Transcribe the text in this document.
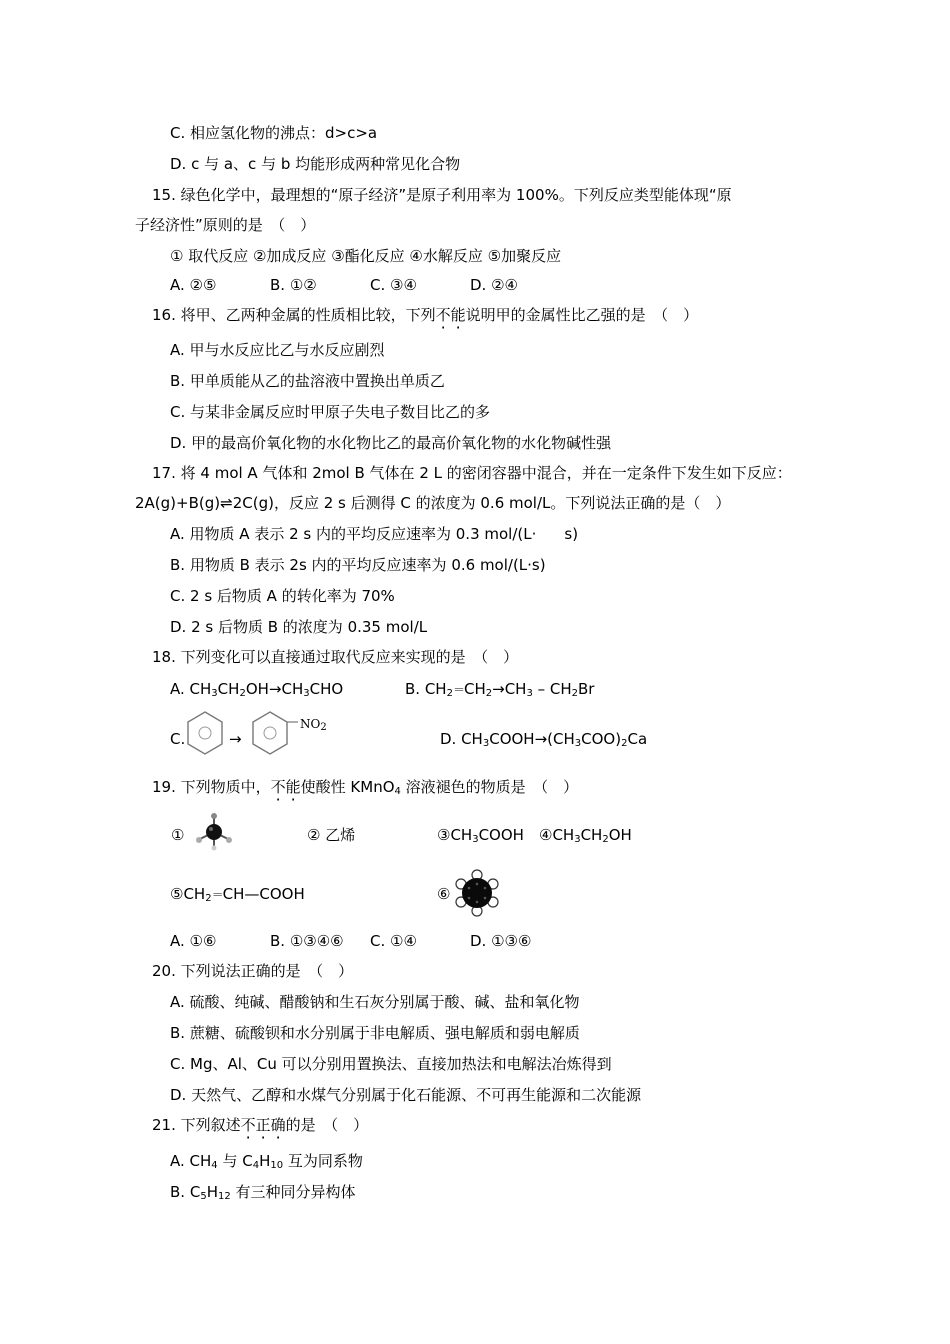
C. 相应氢化物的沸点：d>c>a
D. c 与 a、c 与 b 均能形成两种常见化合物
15. 绿色化学中，最理想的“原子经济”是原子利用率为 100%。下列反应类型能体现“原
子经济性”原则的是　（　）
① 取代反应 ②加成反应 ③酯化反应 ④水解反应 ⑤加聚反应
A. ②⑤	B. ①②	C. ③④	D. ②④
16. 将甲、乙两种金属的性质相比较，下列不能说明甲的金属性比乙强的是　（　）
A. 甲与水反应比乙与水反应剧烈
B. 甲单质能从乙的盐溶液中置换出单质乙
C. 与某非金属反应时甲原子失电子数目比乙的多
D. 甲的最高价氧化物的水化物比乙的最高价氧化物的水化物碱性强
17. 将 4 mol A 气体和 2mol B 气体在 2 L 的密闭容器中混合，并在一定条件下发生如下反应：
2A(g)+B(g)⇌2C(g)，反应 2 s 后测得 C 的浓度为 0.6 mol/L。下列说法正确的是（　）
A. 用物质 A 表示 2 s 内的平均反应速率为 0.3 mol/(L· s)
B. 用物质 B 表示 2s 内的平均反应速率为 0.6 mol/(L·s)
C. 2 s 后物质 A 的转化率为 70%
D. 2 s 后物质 B 的浓度为 0.35 mol/L
18. 下列变化可以直接通过取代反应来实现的是　（　）
A. $CH_3CH_2OH\to CH_3CHO$	B. $CH_2=CH_2\to CH_3 - CH_2Br$
C.	→
$NO_2$
D. $CH_3COOH\to(CH_3COO)_2Ca$
19. 下列物质中，不能使酸性 KMnO$_4$ 溶液褪色的物质是　（　）
①	② 乙烯	$③CH_3COOH$ $④CH_3CH_2OH$
$⑤CH_2=CH—COOH$	⑥
A. ①⑥	B. ①③④⑥ C. ①④	D. ①③⑥
20. 下列说法正确的是　（　）
A. 硫酸、纯碱、醋酸钠和生石灰分别属于酸、碱、盐和氧化物
B. 蔗糖、硫酸钡和水分别属于非电解质、强电解质和弱电解质
C. Mg、Al、Cu 可以分别用置换法、直接加热法和电解法冶炼得到
D. 天然气、乙醇和水煤气分别属于化石能源、不可再生能源和二次能源
21. 下列叙述不正确的是　（　）
A. $CH_4$ 与 $C_4H_{10}$ 互为同系物
B. $C_5H_{12}$ 有三种同分异构体
